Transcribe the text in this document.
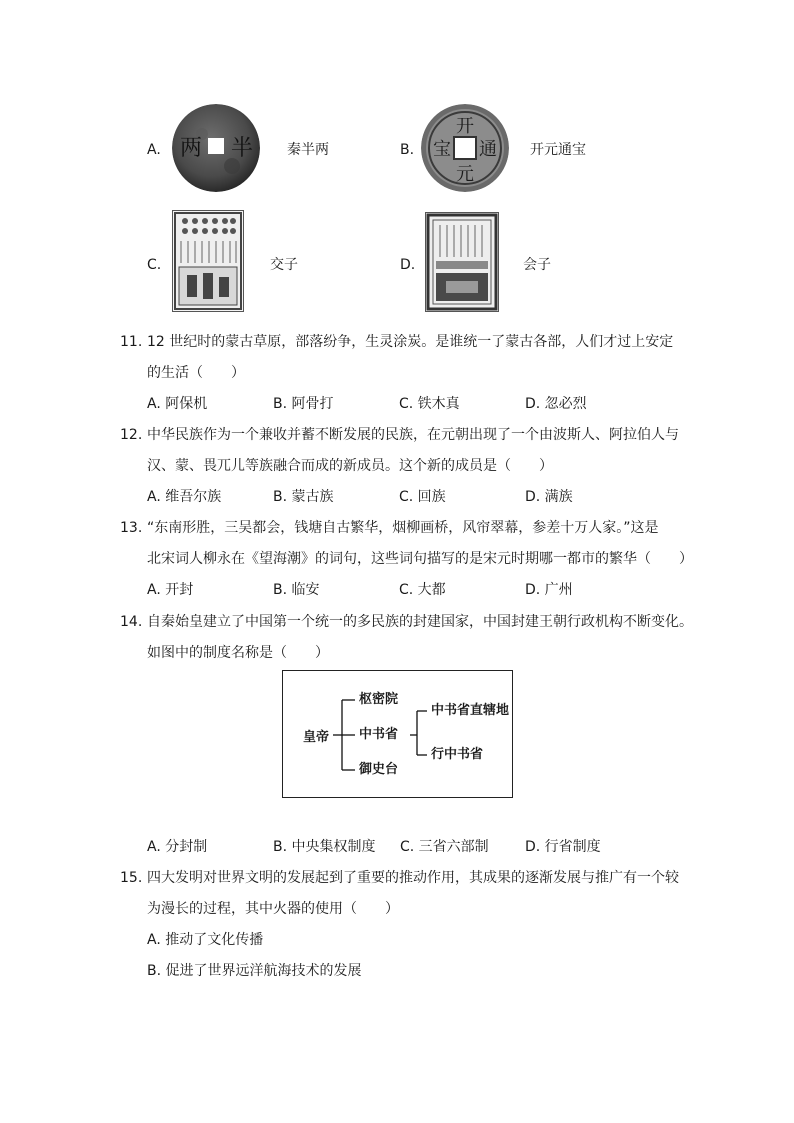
A. 两 半 秦半两	B.
开
元
通
宝	开元通宝
C.	交子	D.	会子
11. 12 世纪时的蒙古草原，部落纷争，生灵涂炭。是谁统一了蒙古各部，人们才过上安定
的生活（　　）
A. 阿保机	B. 阿骨打	C. 铁木真	D. 忽必烈
12. 中华民族作为一个兼收并蓄不断发展的民族，在元朝出现了一个由波斯人、阿拉伯人与
汉、蒙、畏兀儿等族融合而成的新成员。这个新的成员是（　　）
A. 维吾尔族	B. 蒙古族	C. 回族	D. 满族
13. “东南形胜，三吴都会，钱塘自古繁华，烟柳画桥，风帘翠幕，参差十万人家。”这是
北宋词人柳永在《望海潮》的词句，这些词句描写的是宋元时期哪一都市的繁华（　　）
A. 开封	B. 临安	C. 大都	D. 广州
14. 自秦始皇建立了中国第一个统一的多民族的封建国家，中国封建王朝行政机构不断变化。
如图中的制度名称是（　　）
皇帝
枢密院
中书省
御史台
中书省直辖地
行中书省
A. 分封制	B. 中央集权制度 C. 三省六部制	D. 行省制度
15. 四大发明对世界文明的发展起到了重要的推动作用，其成果的逐渐发展与推广有一个较
为漫长的过程，其中火器的使用（　　）
A. 推动了文化传播
B. 促进了世界远洋航海技术的发展
